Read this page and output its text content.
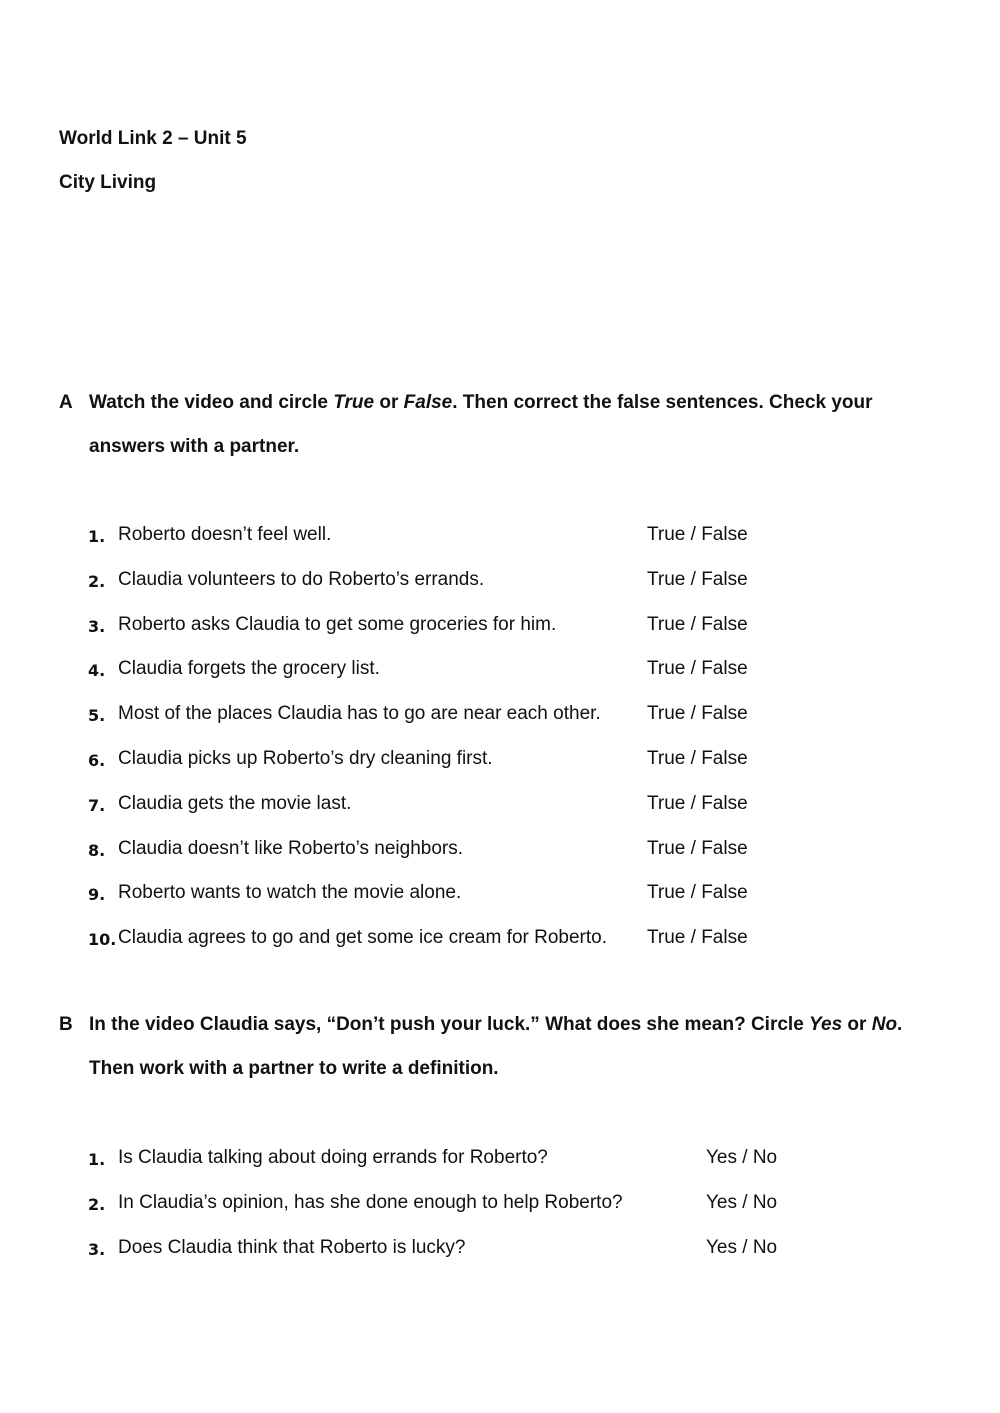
World Link 2 – Unit 5
City Living
A Watch the video and circle True or False. Then correct the false sentences. Check your
answers with a partner.
1. Roberto doesn’t feel well.	True / False
2. Claudia volunteers to do Roberto’s errands.	True / False
3. Roberto asks Claudia to get some groceries for him.	True / False
4. Claudia forgets the grocery list.	True / False
5. Most of the places Claudia has to go are near each other. True / False
6. Claudia picks up Roberto’s dry cleaning first.	True / False
7. Claudia gets the movie last.	True / False
8. Claudia doesn’t like Roberto’s neighbors.	True / False
9. Roberto wants to watch the movie alone.	True / False
10. Claudia agrees to go and get some ice cream for Roberto. True / False
B In the video Claudia says, “Don’t push your luck.” What does she mean? Circle Yes or No.
Then work with a partner to write a definition.
1. Is Claudia talking about doing errands for Roberto?	Yes / No
2. In Claudia’s opinion, has she done enough to help Roberto?	Yes / No
3. Does Claudia think that Roberto is lucky?	Yes / No
